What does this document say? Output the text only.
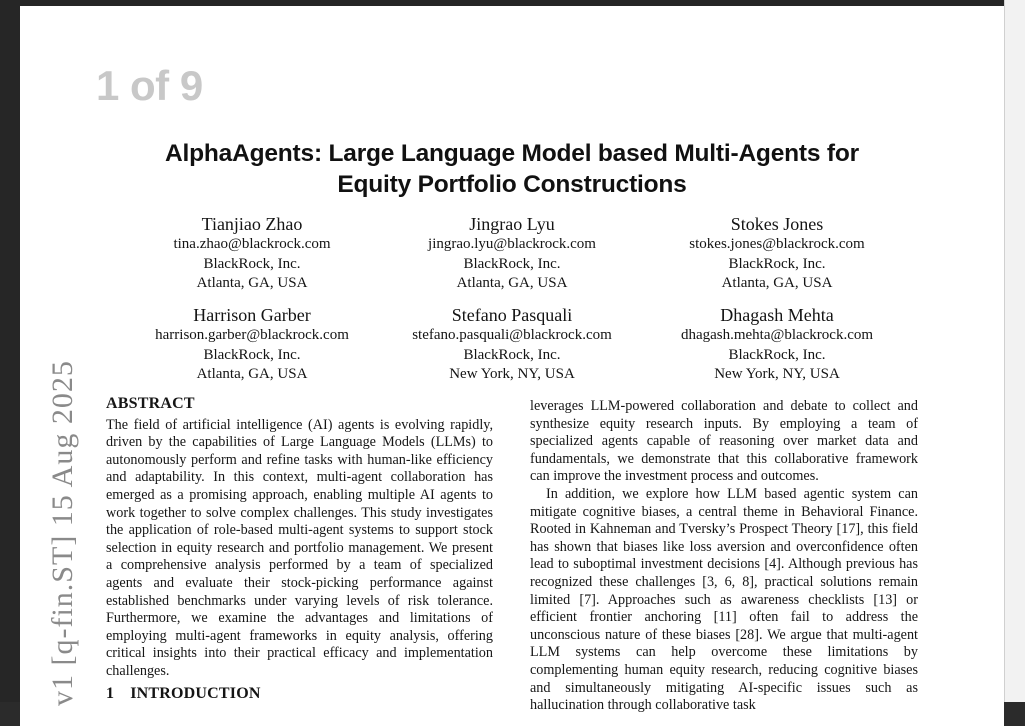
1 of 9
AlphaAgents: Large Language Model based Multi-Agents for
Equity Portfolio Constructions
Tianjiao Zhao
tina.zhao@blackrock.com
BlackRock, Inc.
Atlanta, GA, USA
Jingrao Lyu
jingrao.lyu@blackrock.com
BlackRock, Inc.
Atlanta, GA, USA
Stokes Jones
stokes.jones@blackrock.com
BlackRock, Inc.
Atlanta, GA, USA
Harrison Garber
harrison.garber@blackrock.com
BlackRock, Inc.
Atlanta, GA, USA
Stefano Pasquali
stefano.pasquali@blackrock.com
BlackRock, Inc.
New York, NY, USA
Dhagash Mehta
dhagash.mehta@blackrock.com
BlackRock, Inc.
New York, NY, USA
v1 [q-fin.ST] 15 Aug 2025 ABSTRACT

The field of artificial intelligence (AI) agents is evolving rapidly, driven by the capabilities of Large Language Models (LLMs) to autonomously perform and refine tasks with human-like efficiency and adaptability. In this context, multi-agent collaboration has emerged as a promising approach, enabling multiple AI agents to work together to solve complex challenges. This study investigates the application of role-based multi-agent systems to support stock selection in equity research and portfolio management. We present a comprehensive analysis performed by a team of specialized agents and evaluate their stock-picking performance against established benchmarks under varying levels of risk tolerance. Furthermore, we examine the advantages and limitations of employing multi-agent frameworks in equity analysis, offering critical insights into their practical efficacy and implementation challenges.

1 INTRODUCTION

leverages LLM-powered collaboration and debate to collect and synthesize equity research inputs. By employing a team of specialized agents capable of reasoning over market data and fundamentals, we demonstrate that this collaborative framework can improve the investment process and outcomes.

In addition, we explore how LLM based agentic system can mitigate cognitive biases, a central theme in Behavioral Finance. Rooted in Kahneman and Tversky’s Prospect Theory [17], this field has shown that biases like loss aversion and overconfidence often lead to suboptimal investment decisions [4]. Although previous has recognized these challenges [3, 6, 8], practical solutions remain limited [7]. Approaches such as awareness checklists [13] or efficient frontier anchoring [11] often fail to address the unconscious nature of these biases [28]. We argue that multi-agent LLM systems can help overcome these limitations by complementing human equity research, reducing cognitive biases and simultaneously mitigating AI-specific issues such as hallucination through collaborative task
